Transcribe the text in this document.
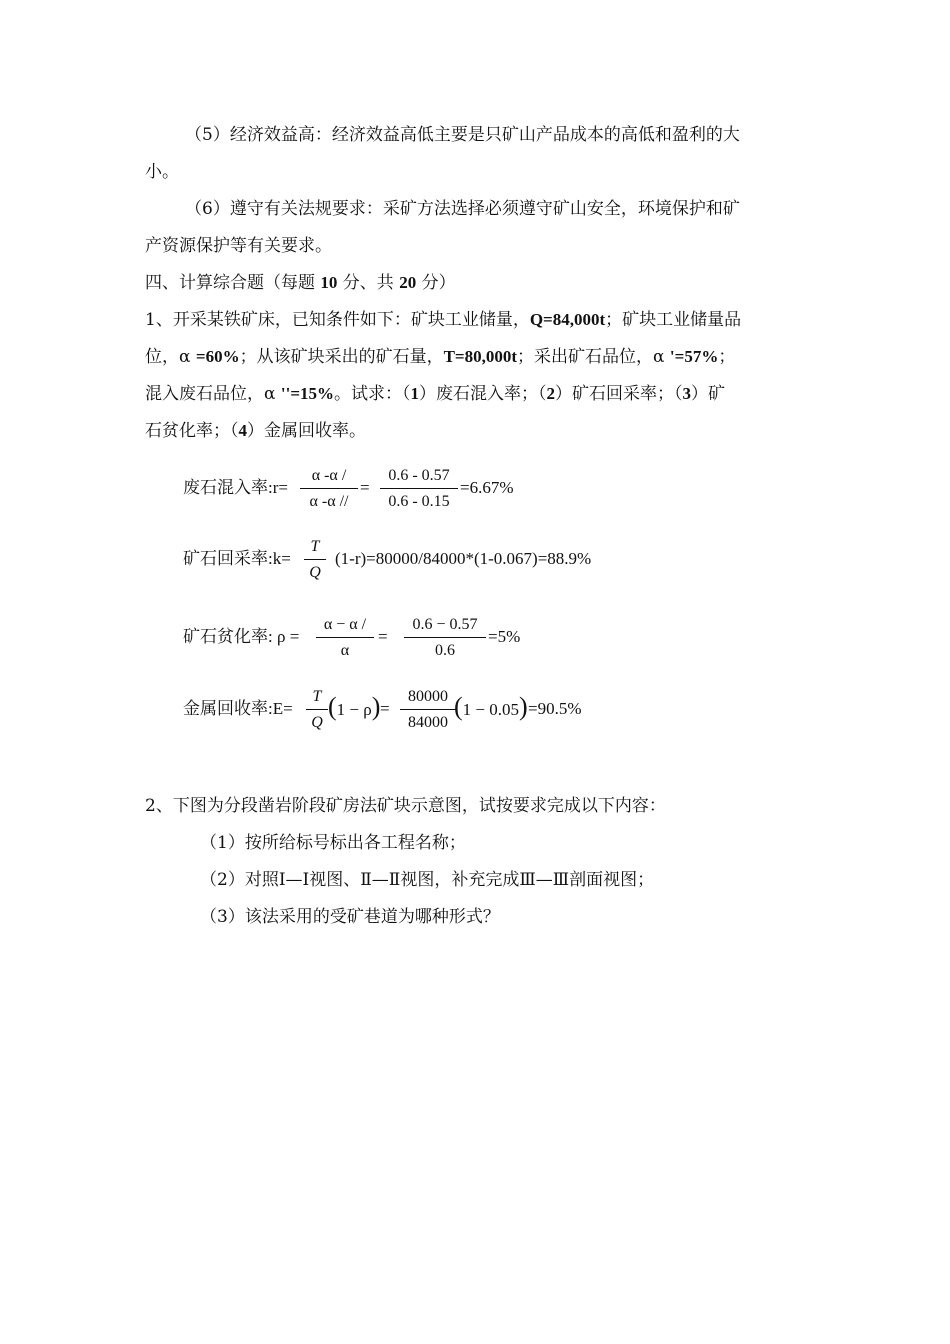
（5）经济效益高：经济效益高低主要是只矿山产品成本的高低和盈利的大
小。
（6）遵守有关法规要求：采矿方法选择必须遵守矿山安全，环境保护和矿
产资源保护等有关要求。
四、计算综合题（每题 10 分、共 20 分）
1、开采某铁矿床，已知条件如下：矿块工业储量，Q=84,000t；矿块工业储量品
位，α =60%；从该矿块采出的矿石量，T=80,000t；采出矿石品位，α '=57%；
混入废石品位，α ''=15%。试求：（1）废石混入率；（2）矿石回采率；（3）矿
石贫化率；（4）金属回收率。
废石混入率:r= $\frac{\alpha -\alpha /}{\alpha -\alpha //} = \frac{0.6 - 0.57}{0.6 - 0.15} =6.67\%$
矿石回采率:k= $\frac{T}{Q} (1-r)=80000/84000*(1-0.067)=88.9\%$
矿石贫化率: $\rho = \frac{\alpha - \alpha /}{\alpha} = \frac{0.6 - 0.57}{0.6} =5\%$
金属回收率:E= $\frac{T}{Q} (1 - \rho) = \frac{80000}{84000}$
(1 − 0.05) =90.5%
2、下图为分段凿岩阶段矿房法矿块示意图，试按要求完成以下内容：
（1）按所给标号标出各工程名称；
（2）对照Ⅰ—Ⅰ视图、Ⅱ—Ⅱ视图，补充完成Ⅲ—Ⅲ剖面视图；
（3）该法采用的受矿巷道为哪种形式？
